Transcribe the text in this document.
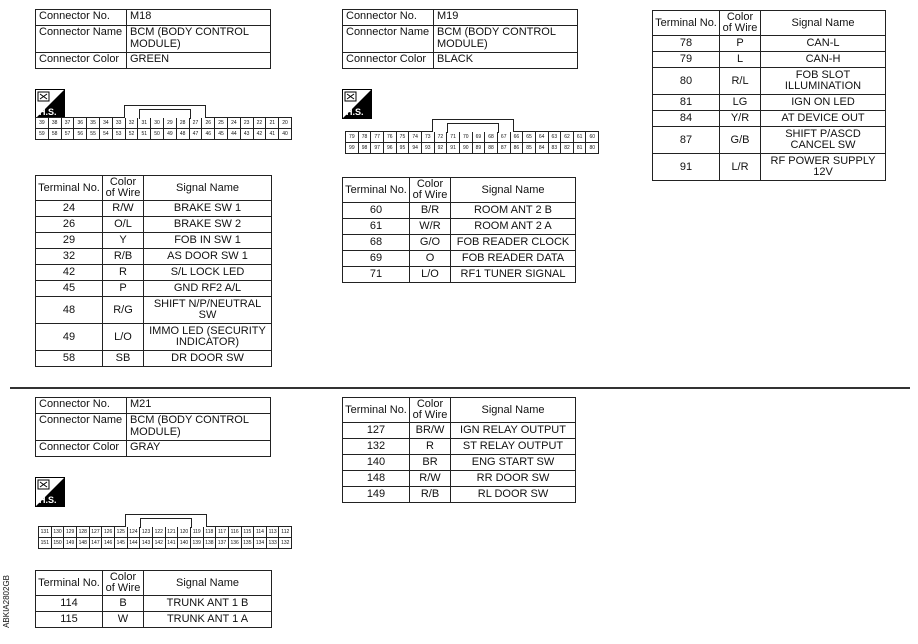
Connector No.	M18
Connector Name	BCM (BODY CONTROL MODULE)
Connector Color	GREEN
H.S.
39	38	37	36	35	34	33	32	31	30	29	28	27	26	25	24	23	22	21	20
59	58	57	56	55	54	53	52	51	50	49	48	47	46	45	44	43	42	41	40
Terminal No.	Color of Wire	Signal Name
24	R/W	BRAKE SW 1
26	O/L	BRAKE SW 2
29	Y	FOB IN SW 1
32	R/B	AS DOOR SW 1
42	R	S/L LOCK LED
45	P	GND RF2 A/L
48	R/G	SHIFT N/P/NEUTRAL SW
49	L/O	IMMO LED (SECURITY INDICATOR)
58	SB	DR DOOR SW
Connector No.	M19
Connector Name	BCM (BODY CONTROL MODULE)
Connector Color	BLACK
H.S.
79	78	77	76	75	74	73	72	71	70	69	68	67	66	65	64	63	62	61	60
99	98	97	96	95	94	93	92	91	90	89	88	87	86	85	84	83	82	81	80
Terminal No.	Color of Wire	Signal Name
60	B/R	ROOM ANT 2 B
61	W/R	ROOM ANT 2 A
68	G/O	FOB READER CLOCK
69	O	FOB READER DATA
71	L/O	RF1 TUNER SIGNAL
Terminal No.	Color of Wire	Signal Name
78	P	CAN-L
79	L	CAN-H
80	R/L	FOB SLOT ILLUMINATION
81	LG	IGN ON LED
84	Y/R	AT DEVICE OUT
87	G/B	SHIFT P/ASCD CANCEL SW
91	L/R	RF POWER SUPPLY 12V
Connector No.	M21
Connector Name	BCM (BODY CONTROL MODULE)
Connector Color	GRAY
H.S.
131 130 129 128 127 126 125 124 123 122 121 120 119 118 117 116 115 114 113 112
151 150 149 148 147 146 145 144 143 142 141 140 139 138 137 136 135 134 133 132
Terminal No.	Color of Wire	Signal Name
114	B	TRUNK ANT 1 B
115	W	TRUNK ANT 1 A
Terminal No.	Color of Wire	Signal Name
127	BR/W	IGN RELAY OUTPUT
132	R	ST RELAY OUTPUT
140	BR	ENG START SW
148	R/W	RR DOOR SW
149	R/B	RL DOOR SW
ABKIA2802GB
